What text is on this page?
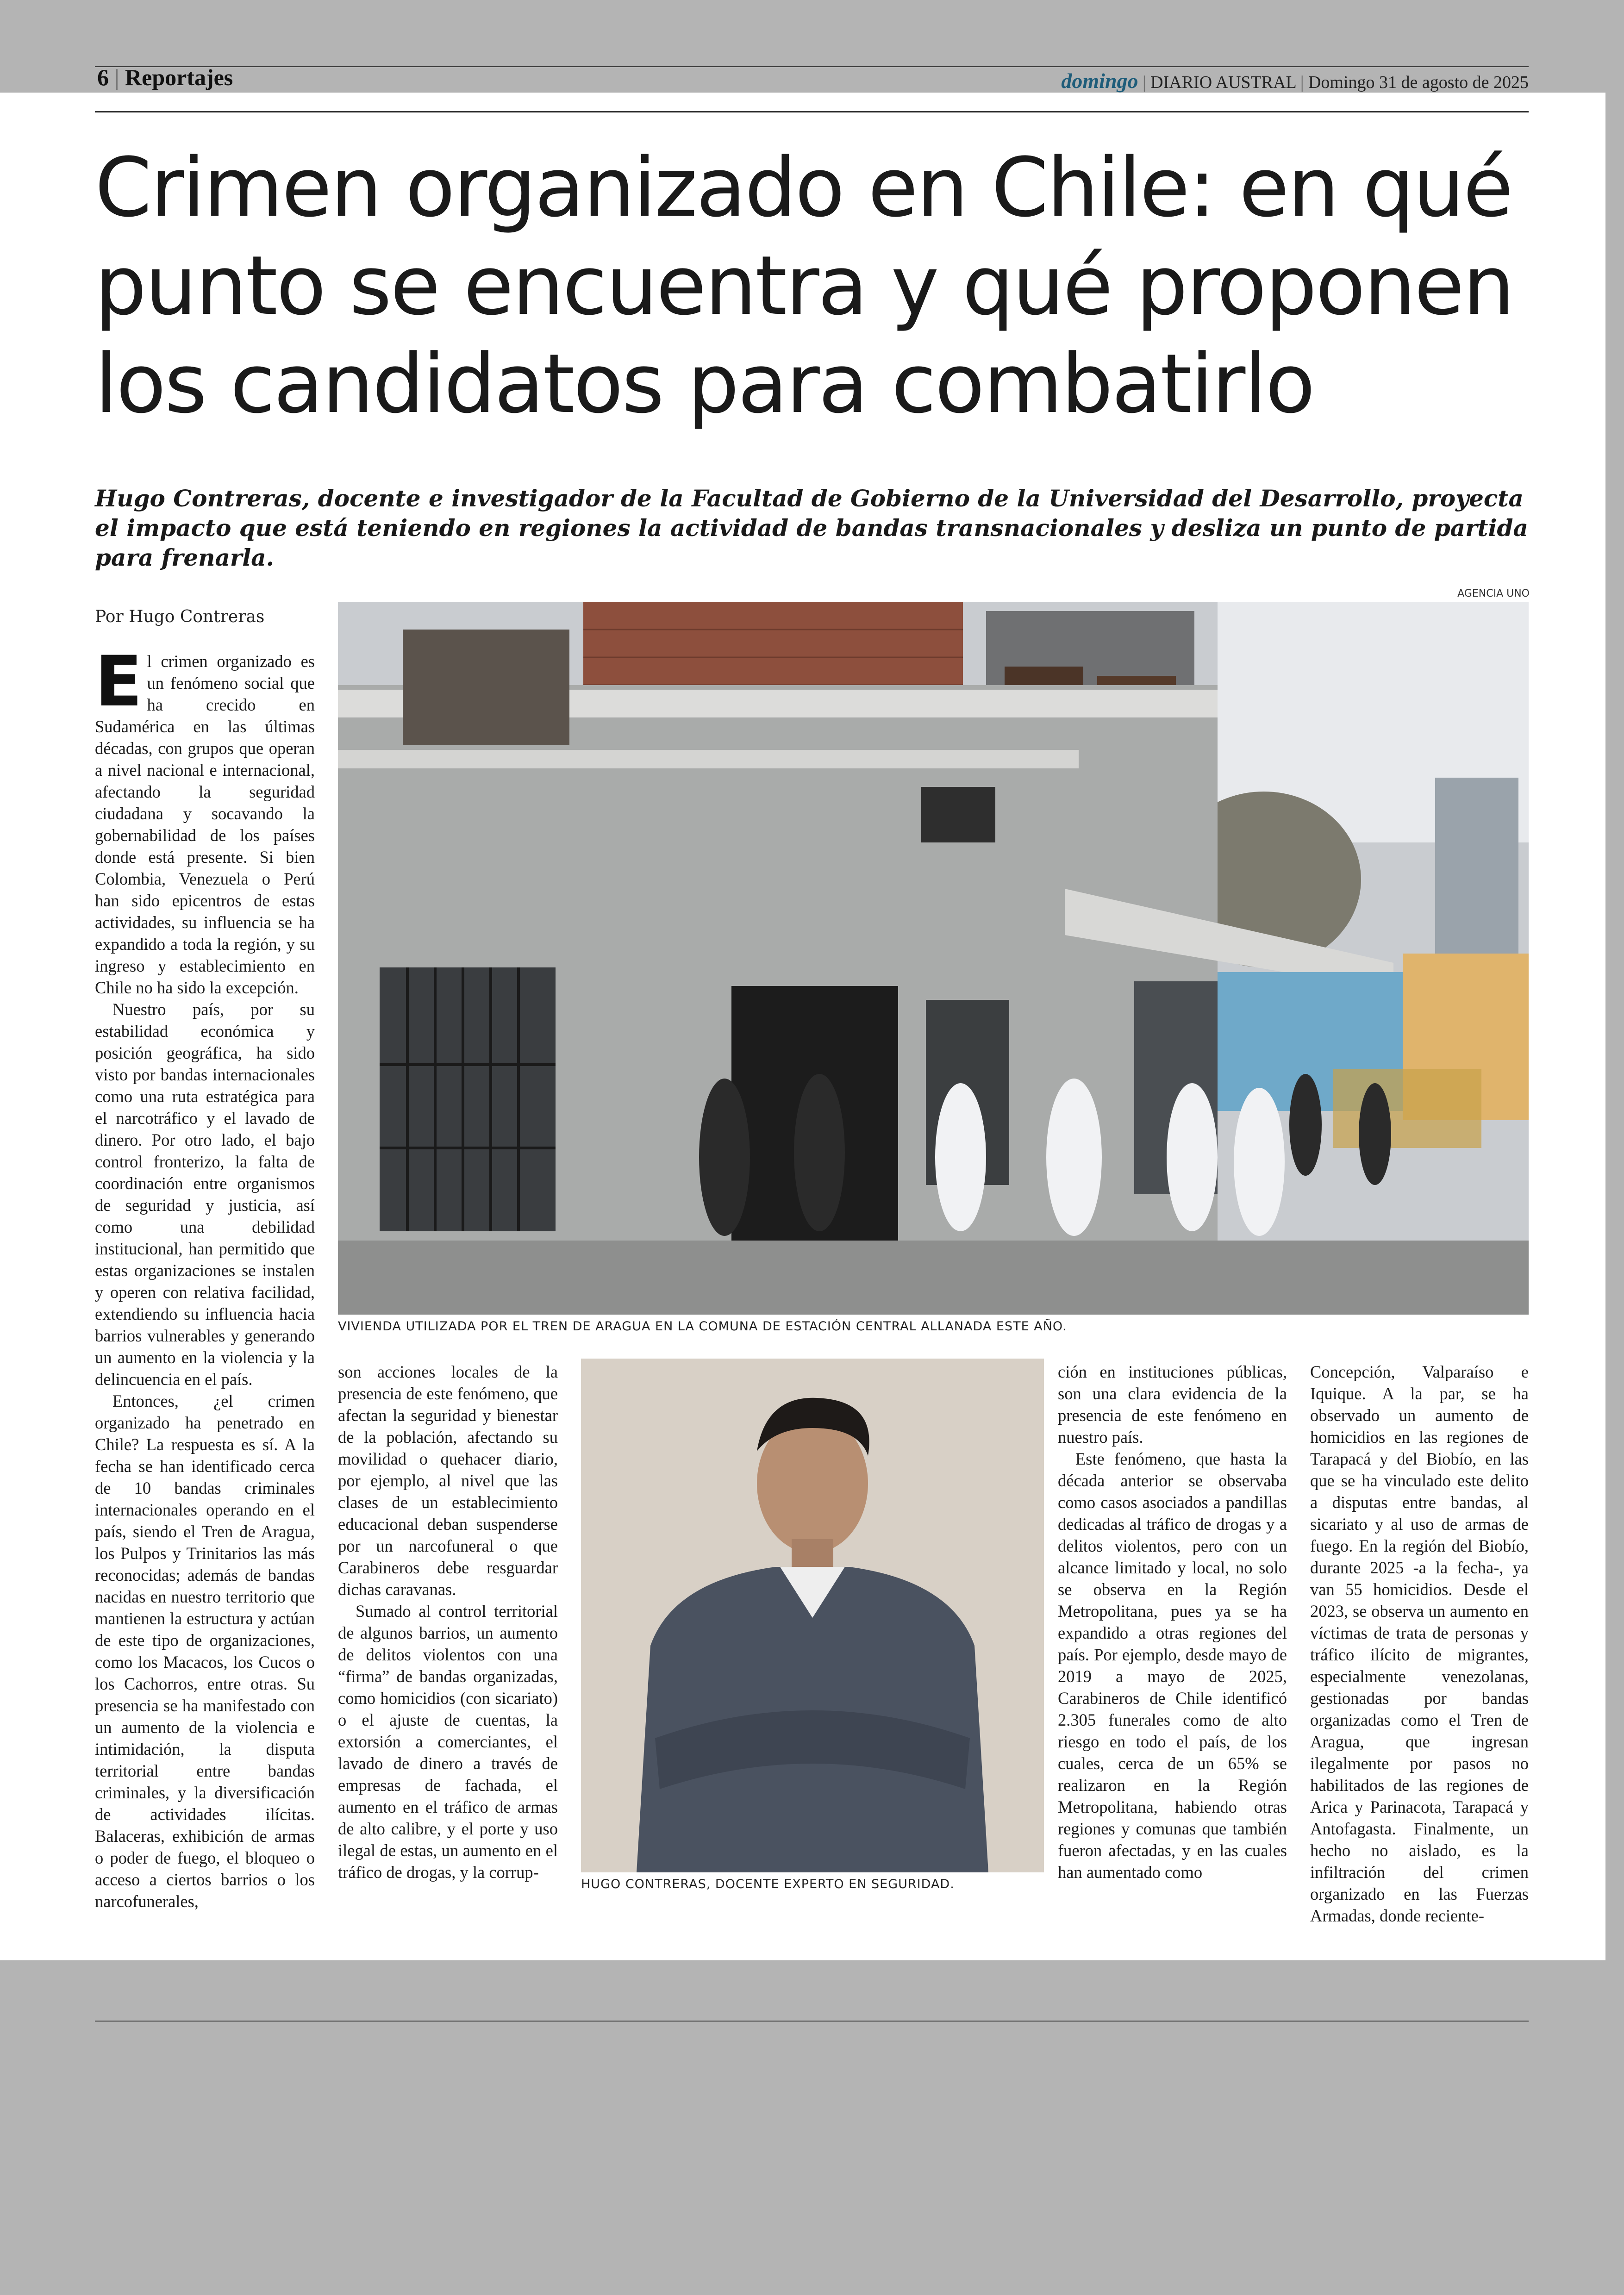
6 | Reportajes	domingo | DIARIO AUSTRAL | Domingo 31 de agosto de 2025
Crimen organizado en Chile: en qué punto se encuentra y qué proponen los candidatos para combatirlo
Hugo Contreras, docente e investigador de la Facultad de Gobierno de la Universidad del Desarrollo, proyecta el impacto que está teniendo en regiones la actividad de bandas transnacionales y desliza un punto de partida para frenarla.
AGENCIA UNO
Por Hugo Contreras

El crimen organizado es un fenómeno social que ha crecido en Sudamérica en las últimas décadas, con grupos que operan a nivel nacional e internacional, afectando la seguridad ciudadana y socavando la gobernabilidad de los países donde está presente. Si bien Colombia, Venezuela o Perú han sido epicentros de estas actividades, su influencia se ha expandido a toda la región, y su ingreso y establecimiento en Chile no ha sido la excepción.

Nuestro país, por su estabilidad económica y posición geográfica, ha sido visto por bandas internacionales como una ruta estratégica para el narcotráfico y el lavado de dinero. Por otro lado, el bajo control fronterizo, la falta de coordinación entre organismos de seguridad y justicia, así como una debilidad institucional, han permitido que estas organizaciones se instalen y operen con relativa facilidad, extendiendo su influencia hacia barrios vulnerables y generando un aumento en la violencia y la delincuencia en el país.

Entonces, ¿el crimen organizado ha penetrado en Chile? La respuesta es sí. A la fecha se han identificado cerca de 10 bandas criminales internacionales operando en el país, siendo el Tren de Aragua, los Pulpos y Trinitarios las más reconocidas; además de bandas nacidas en nuestro territorio que mantienen la estructura y actúan de este tipo de organizaciones, como los Macacos, los Cucos o los Cachorros, entre otras. Su presencia se ha manifestado con un aumento de la violencia e intimidación, la disputa territorial entre bandas criminales, y la diversificación de actividades ilícitas. Balaceras, exhibición de armas o poder de fuego, el bloqueo o acceso a ciertos barrios o los narcofunerales,

VIVIENDA UTILIZADA POR EL TREN DE ARAGUA EN LA COMUNA DE ESTACIÓN CENTRAL ALLANADA ESTE AÑO.

son acciones locales de la presencia de este fenómeno, que afectan la seguridad y bienestar de la población, afectando su movilidad o quehacer diario, por ejemplo, al nivel que las clases de un establecimiento educacional deban suspenderse por un narcofuneral o que Carabineros debe resguardar dichas caravanas.

Sumado al control territorial de algunos barrios, un aumento de delitos violentos con una “firma” de bandas organizadas, como homicidios (con sicariato) o el ajuste de cuentas, la extorsión a comerciantes, el lavado de dinero a través de empresas de fachada, el aumento en el tráfico de armas de alto calibre, y el porte y uso ilegal de estas, un aumento en el tráfico de drogas, y la corrup-

HUGO CONTRERAS, DOCENTE EXPERTO EN SEGURIDAD.

ción en instituciones públicas, son una clara evidencia de la presencia de este fenómeno en nuestro país.

Este fenómeno, que hasta la década anterior se observaba como casos asociados a pandillas dedicadas al tráfico de drogas y a delitos violentos, pero con un alcance limitado y local, no solo se observa en la Región Metropolitana, pues ya se ha expandido a otras regiones del país. Por ejemplo, desde mayo de 2019 a mayo de 2025, Carabineros de Chile identificó 2.305 funerales como de alto riesgo en todo el país, de los cuales, cerca de un 65% se realizaron en la Región Metropolitana, habiendo otras regiones y comunas que también fueron afectadas, y en las cuales han aumentado como

Concepción, Valparaíso e Iquique. A la par, se ha observado un aumento de homicidios en las regiones de Tarapacá y del Biobío, en las que se ha vinculado este delito a disputas entre bandas, al sicariato y al uso de armas de fuego. En la región del Biobío, durante 2025 -a la fecha-, ya van 55 homicidios. Desde el 2023, se observa un aumento en víctimas de trata de personas y tráfico ilícito de migrantes, especialmente venezolanas, gestionadas por bandas organizadas como el Tren de Aragua, que ingresan ilegalmente por pasos no habilitados de las regiones de Arica y Parinacota, Tarapacá y Antofagasta. Finalmente, un hecho no aislado, es la infiltración del crimen organizado en las Fuerzas Armadas, donde reciente-
